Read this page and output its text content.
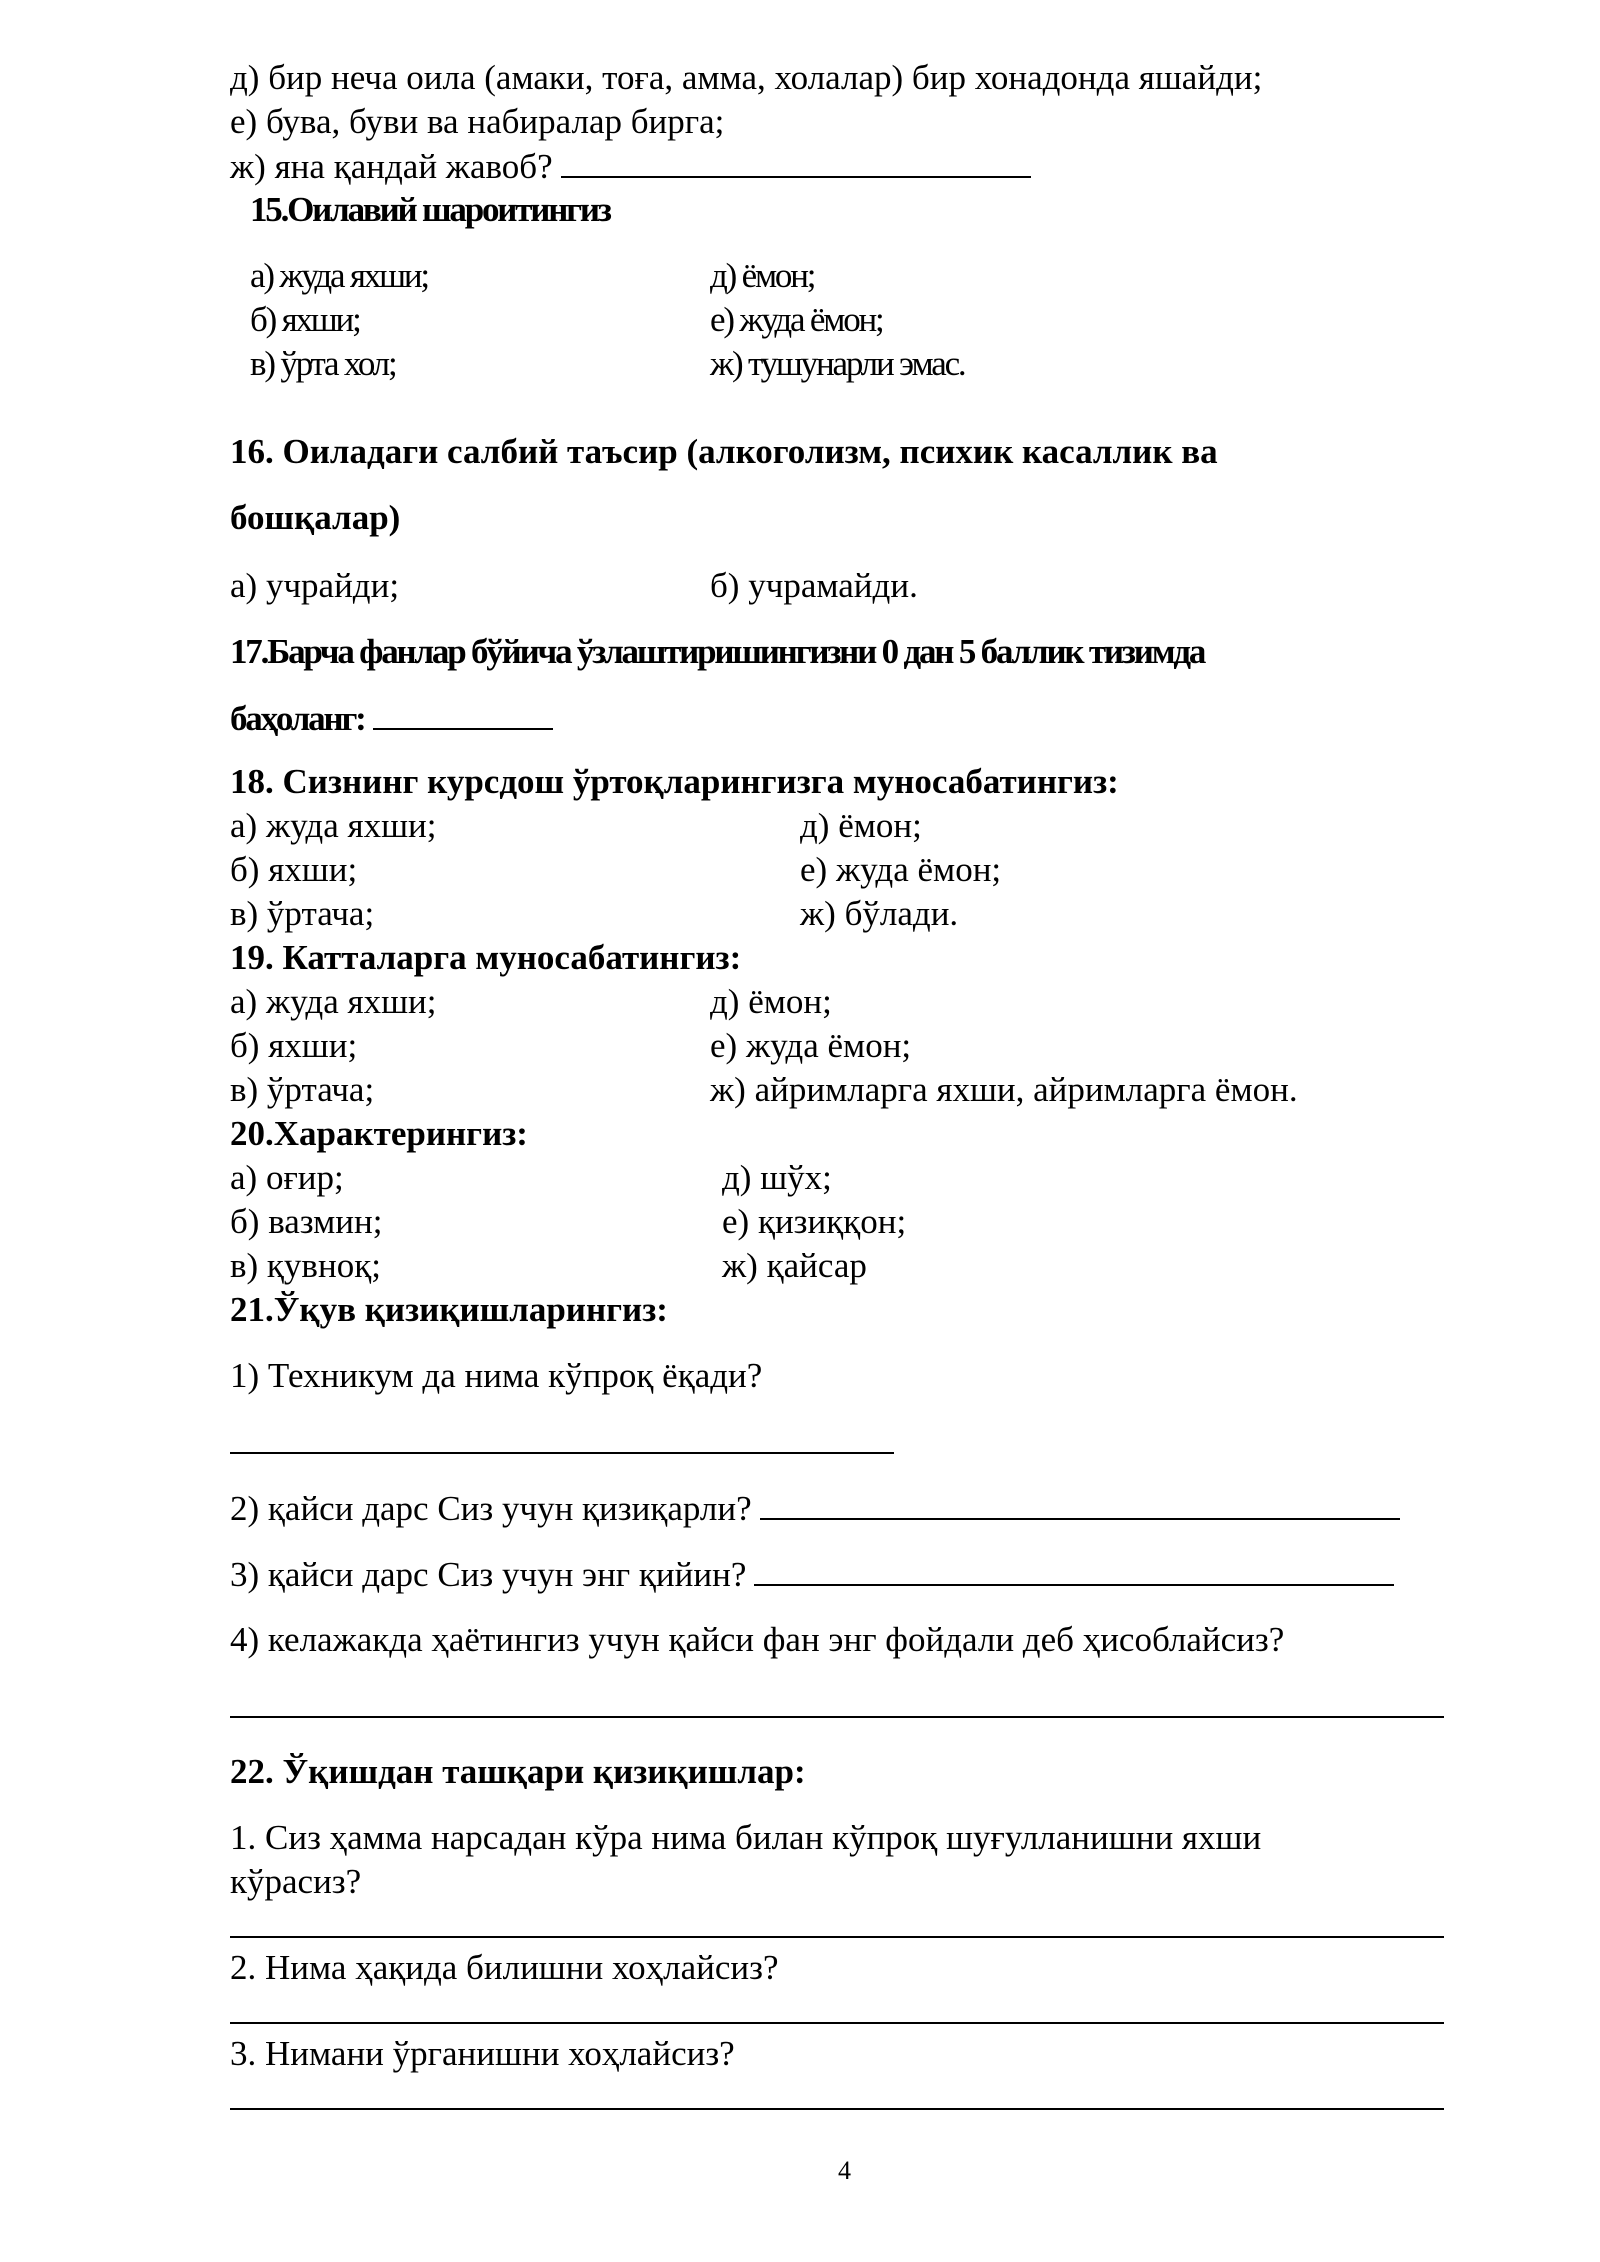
д) бир неча оила (амаки, тоға, амма, холалар) бир хонадонда яшайди;
е) бува, буви ва набиралар бирга;
ж) яна қандай жавоб?
15.Оилавий шароитингиз
а) жуда яхши;
б) яхши;
в) ўрта хол;
д) ёмон;
е) жуда ёмон;
ж) тушунарли эмас.
16. Оиладаги салбий таъсир (алкоголизм, психик касаллик ва
бошқалар)
а) учрайди;	б) учрамайди.
17.Барча фанлар бўйича ўзлаштиришингизни 0 дан 5 баллик тизимда
баҳоланг:
18. Сизнинг курсдош ўртоқларингизга муносабатингиз:
а) жуда яхши;
б) яхши;
в) ўртача;
д) ёмон;
е) жуда ёмон;
ж) бўлади.
19. Катталарга муносабатингиз:
а) жуда яхши;
б) яхши;
в) ўртача;
д) ёмон;
е) жуда ёмон;
ж) айримларга яхши, айримларга ёмон.
20.Характерингиз:
а) оғир;
б) вазмин;
в) қувноқ;
д) шўх;
е) қизиққон;
ж) қайсар
21.Ўқув қизиқишларингиз:
1) Техникум да нима кўпроқ ёқади?
2) қайси дарс Сиз учун қизиқарли?
3) қайси дарс Сиз учун энг қийин?
4) келажакда ҳаётингиз учун қайси фан энг фойдали деб ҳисоблайсиз?
22. Ўқишдан ташқари қизиқишлар:
1. Сиз ҳамма нарсадан кўра нима билан кўпроқ шуғулланишни яхши
кўрасиз?
2. Нима ҳақида билишни хоҳлайсиз?
3. Нимани ўрганишни хоҳлайсиз?
4
